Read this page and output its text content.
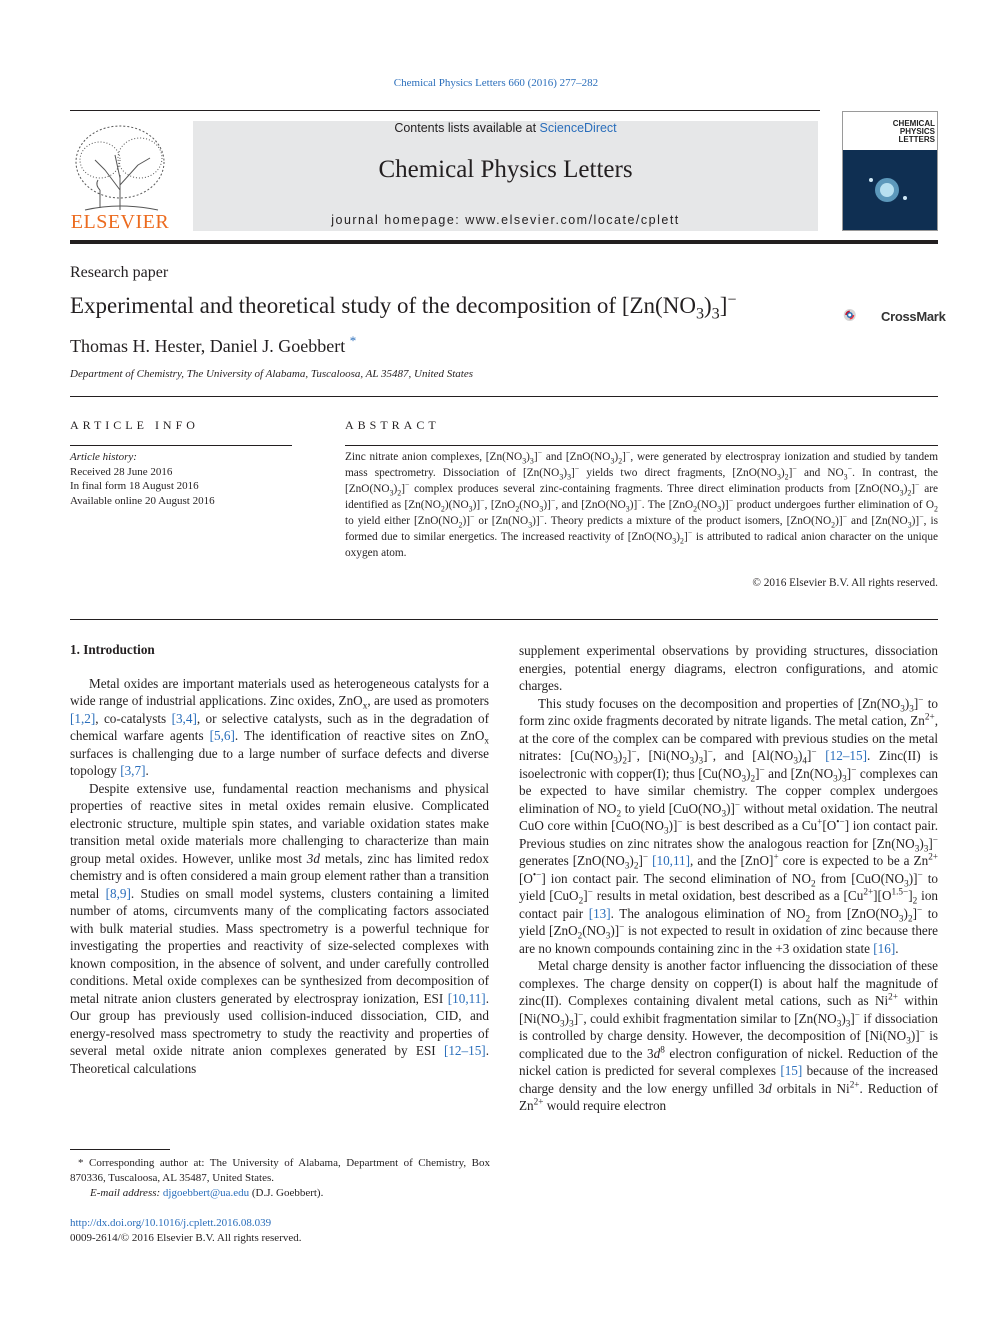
Chemical Physics Letters 660 (2016) 277–282
ELSEVIER
Contents lists available at ScienceDirect
Chemical Physics Letters
journal homepage: www.elsevier.com/locate/cplett
CHEMICAL PHYSICS LETTERS
Research paper
Experimental and theoretical study of the decomposition of $[Zn(NO_3)_3]^-$
CrossMark
Thomas H. Hester, Daniel J. Goebbert *
Department of Chemistry, The University of Alabama, Tuscaloosa, AL 35487, United States
ARTICLE INFO
Article history:
Received 28 June 2016
In final form 18 August 2016
Available online 20 August 2016
ABSTRACT
Zinc nitrate anion complexes, $[Zn(NO_3)_3]^-$ and $[ZnO(NO_3)_2]^-$, were generated by electrospray ionization and studied by tandem mass spectrometry. Dissociation of $[Zn(NO_3)_3]^-$ yields two direct fragments, $[ZnO(NO_3)_2]^-$ and $NO_3^-$. In contrast, the $[ZnO(NO_3)_2]^-$ complex produces several zinc-containing fragments. Three direct elimination products from $[ZnO(NO_3)_2]^-$ are identified as $[Zn(NO_2)(NO_3)]^-$, $[ZnO_2(NO_3)]^-$, and $[ZnO(NO_3)]^-$. The $[ZnO_2(NO_3)]^-$ product undergoes further elimination of $O_2$ to yield either $[ZnO(NO_2)]^-$ or $[Zn(NO_3)]^-$. Theory predicts a mixture of the product isomers, $[ZnO(NO_2)]^-$ and $[Zn(NO_3)]^-$, is formed due to similar energetics. The increased reactivity of $[ZnO(NO_3)_2]^-$ is attributed to radical anion character on the unique oxygen atom.
© 2016 Elsevier B.V. All rights reserved.
1. Introduction

Metal oxides are important materials used as heterogeneous catalysts for a wide range of industrial applications. Zinc oxides, ZnO$_x$, are used as promoters [1,2], co-catalysts [3,4], or selective catalysts, such as in the degradation of chemical warfare agents [5,6]. The identification of reactive sites on ZnO$_x$ surfaces is challenging due to a large number of surface defects and diverse topology [3,7].

Despite extensive use, fundamental reaction mechanisms and physical properties of reactive sites in metal oxides remain elusive. Complicated electronic structure, multiple spin states, and variable oxidation states make transition metal oxide materials more challenging to characterize than main group metal oxides. However, unlike most 3d metals, zinc has limited redox chemistry and is often considered a main group element rather than a transition metal [8,9]. Studies on small model systems, clusters containing a limited number of atoms, circumvents many of the complicating factors associated with bulk material studies. Mass spectrometry is a powerful technique for investigating the properties and reactivity of size-selected complexes with known composition, in the absence of solvent, and under carefully controlled conditions. Metal oxide complexes can be synthesized from decomposition of metal nitrate anion clusters generated by electrospray ionization, ESI [10,11]. Our group has previously used collision-induced dissociation, CID, and energy-resolved mass spectrometry to study the reactivity and properties of several metal oxide nitrate anion complexes generated by ESI [12–15]. Theoretical calculations

supplement experimental observations by providing structures, dissociation energies, potential energy diagrams, electron configurations, and atomic charges.

This study focuses on the decomposition and properties of $[Zn(NO_3)_3]^-$ to form zinc oxide fragments decorated by nitrate ligands. The metal cation, $Zn^{2+}$, at the core of the complex can be compared with previous studies on the metal nitrates: $[Cu(NO_3)_2]^-$, $[Ni(NO_3)_3]^-$, and $[Al(NO_3)_4]^-$ [12–15]. Zinc(II) is isoelectronic with copper(I); thus $[Cu(NO_3)_2]^-$ and $[Zn(NO_3)_3]^-$ complexes can be expected to have similar chemistry. The copper complex undergoes elimination of $NO_2$ to yield $[CuO(NO_3)]^-$ without metal oxidation. The neutral CuO core within $[CuO(NO_3)]^-$ is best described as a Cu+[O•−] ion contact pair. Previous studies on zinc nitrates show the analogous reaction for $[Zn(NO_3)_3]^-$ generates $[ZnO(NO_3)_2]^-$ [10,11], and the [ZnO]+ core is expected to be a $Zn^{2+}[O^{•-}]$ ion contact pair. The second elimination of $NO_2$ from $[CuO(NO_3)]^-$ to yield [CuO$_2$]− results in metal oxidation, best described as a $[Cu^{2+}][O^{1.5-}]_2$ ion contact pair [13]. The analogous elimination of $NO_2$ from $[ZnO(NO_3)_2]^-$ to yield $[ZnO_2(NO_3)]^-$ is not expected to result in oxidation of zinc because there are no known compounds containing zinc in the +3 oxidation state [16].

Metal charge density is another factor influencing the dissociation of these complexes. The charge density on copper(I) is about half the magnitude of zinc(II). Complexes containing divalent metal cations, such as $Ni^{2+}$ within $[Ni(NO_3)_3]^-$, could exhibit fragmentation similar to $[Zn(NO_3)_3]^-$ if dissociation is controlled by charge density. However, the decomposition of $[Ni(NO_3)]^-$ is complicated due to the $3d^8$ electron configuration of nickel. Reduction of the nickel cation is predicted for several complexes [15] because of the increased charge density and the low energy unfilled 3d orbitals in $Ni^{2+}$. Reduction of $Zn^{2+}$ would require electron

* Corresponding author at: The University of Alabama, Department of Chemistry, Box 870336, Tuscaloosa, AL 35487, United States.
E-mail address: djgoebbert@ua.edu (D.J. Goebbert).
http://dx.doi.org/10.1016/j.cplett.2016.08.039
0009-2614/© 2016 Elsevier B.V. All rights reserved.
